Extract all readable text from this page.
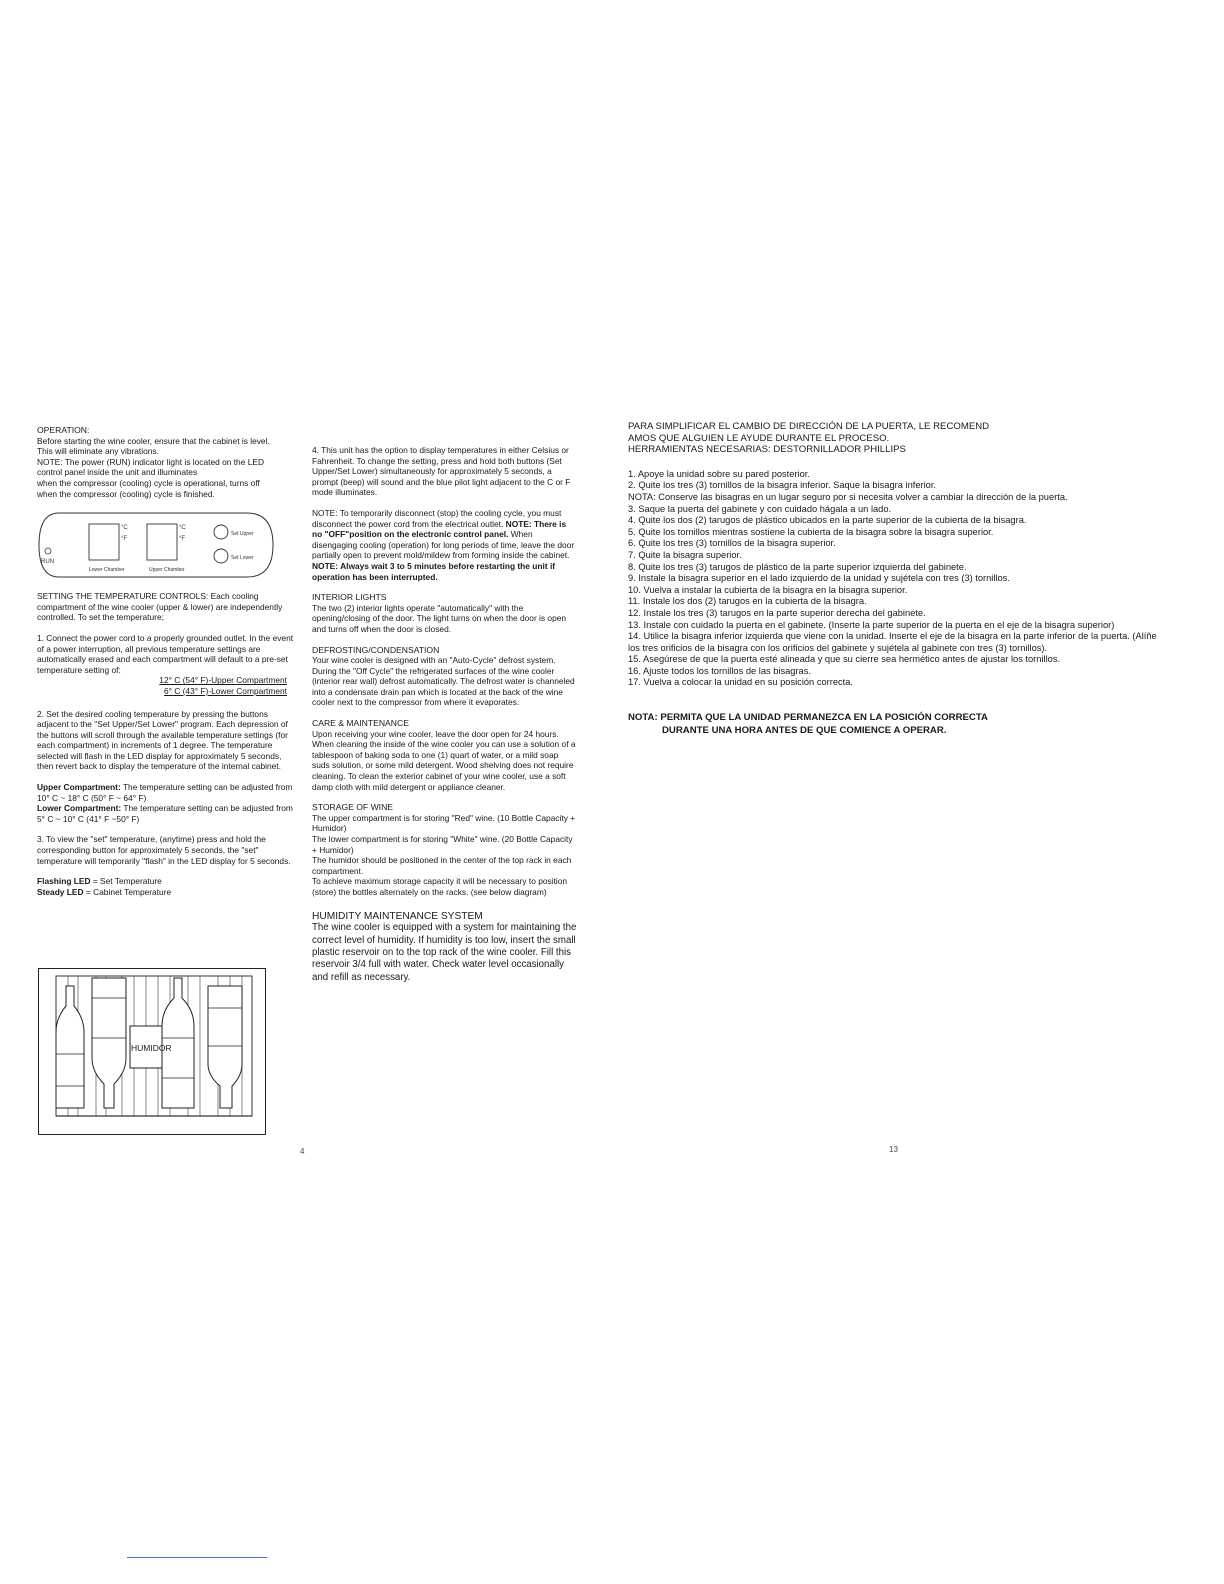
OPERATION:
Before starting the wine cooler, ensure that the cabinet is level.
This will eliminate any vibrations.
NOTE: The power (RUN) indicator light is located on the LED
control panel inside the unit and illuminates
when the compressor (cooling) cycle is operational, turns off
when the compressor (cooling) cycle is finished.
RUN
°C
°F
°C
°F
Lower Chamber	Upper Chamber
Set Upper
Set Lower

SETTING THE TEMPERATURE CONTROLS: Each cooling compartment of the wine cooler (upper & lower) are independently controlled. To set the temperature;

1. Connect the power cord to a properly grounded outlet. In the event of a power interruption, all previous temperature settings are automatically erased and each compartment will default to a pre-set temperature setting of:

12° C (54° F)-Upper Compartment
6° C (43° F)-Lower Compartment

2. Set the desired cooling temperature by pressing the buttons adjacent to the "Set Upper/Set Lower" program. Each depression of the buttons will scroll through the available temperature settings (for each compartment) in increments of 1 degree. The temperature selected will flash in the LED display for approximately 5 seconds, then revert back to display the temperature of the internal cabinet.

Upper Compartment: The temperature setting can be adjusted from 10° C ~ 18° C (50° F ~ 64° F)
Lower Compartment: The temperature setting can be adjusted from 5° C ~ 10° C (41° F ~50° F)

3. To view the "set" temperature, (anytime) press and hold the corresponding button for approximately 5 seconds, the "set" temperature will temporarily "flash" in the LED display for 5 seconds.

Flashing LED = Set Temperature
Steady LED = Cabinet Temperature

HUMIDOR
4

4. This unit has the option to display temperatures in either Celsius or Fahrenheit. To change the setting, press and hold both buttons (Set Upper/Set Lower) simultaneously for approximately 5 seconds, a prompt (beep) will sound and the blue pilot light adjacent to the C or F mode illuminates.

NOTE: To temporarily disconnect (stop) the cooling cycle, you must disconnect the power cord from the electrical outlet. NOTE: There is no "OFF"position on the electronic control panel. When disengaging cooling (operation) for long periods of time, leave the door partially open to prevent mold/mildew from forming inside the cabinet.

NOTE: Always wait 3 to 5 minutes before restarting the unit if operation has been interrupted.

INTERIOR LIGHTS

The two (2) interior lights operate "automatically" with the opening/closing of the door. The light turns on when the door is open and turns off when the door is closed.

DEFROSTING/CONDENSATION

Your wine cooler is designed with an "Auto-Cycle" defrost system. During the "Off Cycle" the refrigerated surfaces of the wine cooler (interior rear wall) defrost automatically. The defrost water is channeled into a condensate drain pan which is located at the back of the wine cooler next to the compressor from where it evaporates.

CARE & MAINTENANCE

Upon receiving your wine cooler, leave the door open for 24 hours. When cleaning the inside of the wine cooler you can use a solution of a tablespoon of baking soda to one (1) quart of water, or a mild soap suds solution, or some mild detergent. Wood shelving does not require cleaning. To clean the exterior cabinet of your wine cooler, use a soft damp cloth with mild detergent or appliance cleaner.

STORAGE OF WINE
The upper compartment is for storing "Red" wine. (10 Bottle Capacity + Humidor)
The lower compartment is for storing "White" wine. (20 Bottle Capacity + Humidor)
The humidor should be positioned in the center of the top rack in each compartment.
To achieve maximum storage capacity it will be necessary to position (store) the bottles alternately on the racks. (see below diagram)
HUMIDITY MAINTENANCE SYSTEM
The wine cooler is equipped with a system for maintaining the correct level of humidity. If humidity is too low, insert the small plastic reservoir on to the top rack of the wine cooler. Fill this reservoir 3/4 full with water. Check water level occasionally and refill as necessary.
PARA SIMPLIFICAR EL CAMBIO DE DIRECCIÓN DE LA PUERTA, LE RECOMEND
AMOS QUE ALGUIEN LE AYUDE DURANTE EL PROCESO.
HERRAMIENTAS NECESARIAS: DESTORNILLADOR PHILLIPS
1. Apoye la unidad sobre su pared posterior.
2. Quite los tres (3) tornillos de la bisagra inferior. Saque la bisagra inferior.
NOTA: Conserve las bisagras en un lugar seguro por si necesita volver a cambiar la dirección de la puerta.
3. Saque la puerta del gabinete y con cuidado hágala a un lado.
4. Quite los dos (2) tarugos de plástico ubicados en la parte superior de la cubierta de la bisagra.
5. Quite los tornillos mientras sostiene la cubierta de la bisagra sobre la bisagra superior.
6. Quite los tres (3) tornillos de la bisagra superior.
7. Quite la bisagra superior.
8. Quite los tres (3) tarugos de plástico de la parte superior izquierda del gabinete.
9. Instale la bisagra superior en el lado izquierdo de la unidad y sujétela con tres (3) tornillos.
10. Vuelva a instalar la cubierta de la bisagra en la bisagra superior.
11. Instale los dos (2) tarugos en la cubierta de la bisagra.
12. Instale los tres (3) tarugos en la parte superior derecha del gabinete.
13. Instale con cuidado la puerta en el gabinete. (Inserte la parte superior de la puerta en el eje de la bisagra superior)
14. Utilice la bisagra inferior izquierda que viene con la unidad. Inserte el eje de la bisagra en la parte inferior de la puerta. (Alíñe los tres orificios de la bisagra con los orificios del gabinete y sujétela al gabinete con tres (3) tornillos).
15. Asegúrese de que la puerta esté alineada y que su cierre sea hermético antes de ajustar los tornillos.
16. Ajuste todos los tornillos de las bisagras.
17. Vuelva a colocar la unidad en su posición correcta.
NOTA: PERMITA QUE LA UNIDAD PERMANEZCA EN LA POSICIÓN CORRECTA
DURANTE UNA HORA ANTES DE QUE COMIENCE A OPERAR.
13
